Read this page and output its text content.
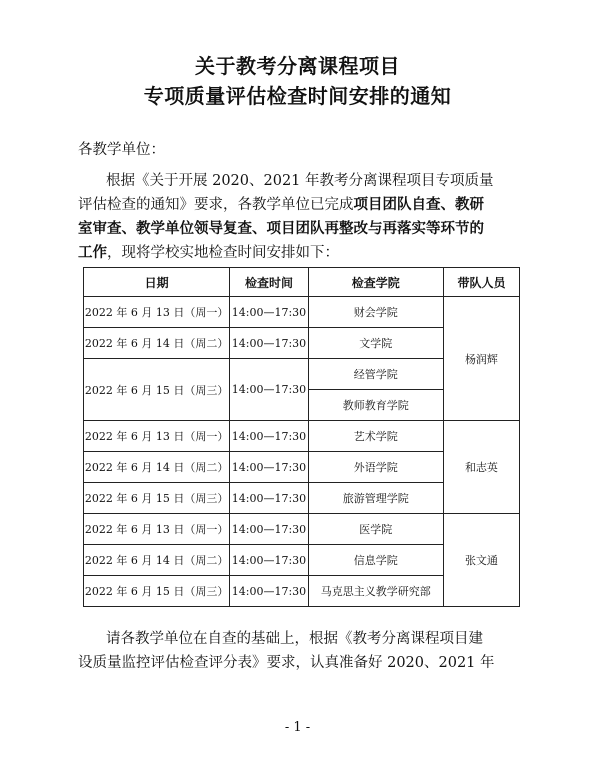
关于教考分离课程项目
专项质量评估检查时间安排的通知
各教学单位：
根据《关于开展 2020、2021 年教考分离课程项目专项质量
评估检查的通知》要求，各教学单位已完成项目团队自查、教研
室审查、教学单位领导复查、项目团队再整改与再落实等环节的
工作，现将学校实地检查时间安排如下：
日期	检查时间	检查学院	带队人员
2022 年 6 月 13 日（周一）	14:00—17:30	财会学院	杨润辉
2022 年 6 月 14 日（周二）	14:00—17:30	文学院	
2022 年 6 月 15 日（周三）	14:00—17:30	经管学院	
		教师教育学院	
2022 年 6 月 13 日（周一）	14:00—17:30	艺术学院	和志英
2022 年 6 月 14 日（周二）	14:00—17:30	外语学院	
2022 年 6 月 15 日（周三）	14:00—17:30	旅游管理学院	
2022 年 6 月 13 日（周一）	14:00—17:30	医学院	张文通
2022 年 6 月 14 日（周二）	14:00—17:30	信息学院	
2022 年 6 月 15 日（周三）	14:00—17:30	马克思主义教学研究部	
请各教学单位在自查的基础上，根据《教考分离课程项目建
设质量监控评估检查评分表》要求，认真准备好 2020、2021 年
- 1 -
